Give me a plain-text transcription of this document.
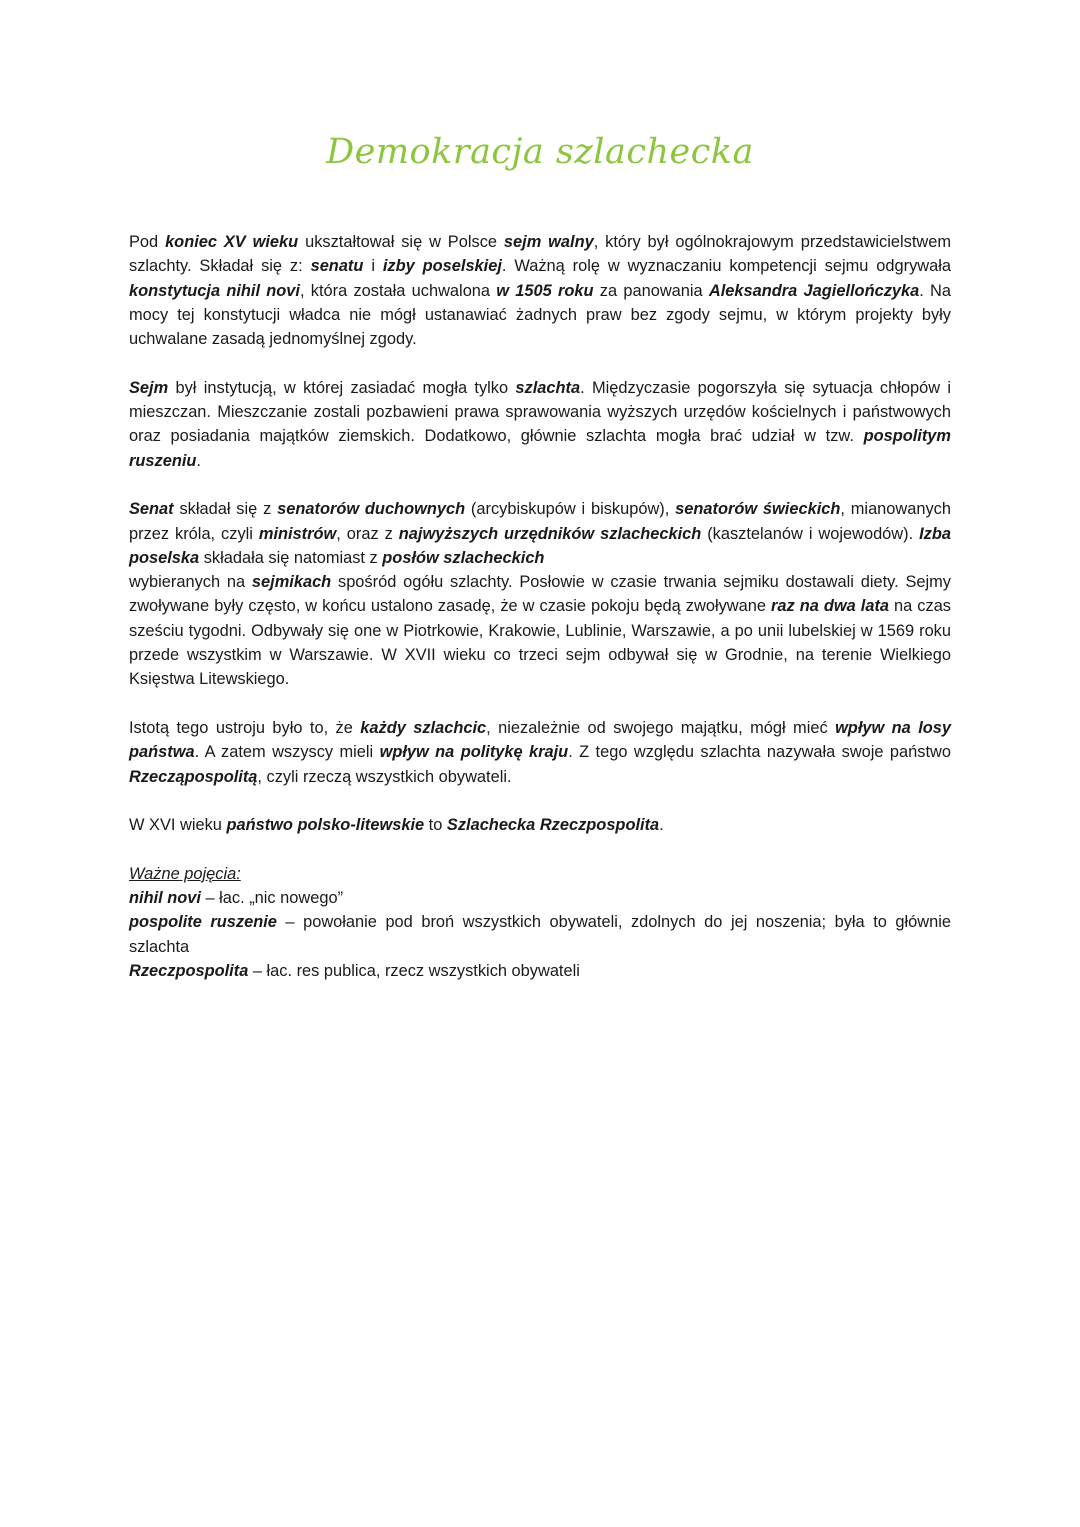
Demokracja szlachecka

Pod koniec XV wieku ukształtował się w Polsce sejm walny, który był ogólnokrajowym przedstawicielstwem szlachty. Składał się z: senatu i izby poselskiej. Ważną rolę w wyznaczaniu kompetencji sejmu odgrywała konstytucja nihil novi, która została uchwalona w 1505 roku za panowania Aleksandra Jagiellończyka. Na mocy tej konstytucji władca nie mógł ustanawiać żadnych praw bez zgody sejmu, w którym projekty były uchwalane zasadą jednomyślnej zgody.

Sejm był instytucją, w której zasiadać mogła tylko szlachta. Międzyczasie pogorszyła się sytuacja chłopów i mieszczan. Mieszczanie zostali pozbawieni prawa sprawowania wyższych urzędów kościelnych i państwowych oraz posiadania majątków ziemskich. Dodatkowo, głównie szlachta mogła brać udział w tzw. pospolitym ruszeniu.

Senat składał się z senatorów duchownych (arcybiskupów i biskupów), senatorów świeckich, mianowanych przez króla, czyli ministrów, oraz z najwyższych urzędników szlacheckich (kasztelanów i wojewodów). Izba poselska składała się natomiast z posłów szlacheckich
wybieranych na sejmikach spośród ogółu szlachty. Posłowie w czasie trwania sejmiku dostawali diety. Sejmy zwoływane były często, w końcu ustalono zasadę, że w czasie pokoju będą zwoływane raz na dwa lata na czas sześciu tygodni. Odbywały się one w Piotrkowie, Krakowie, Lublinie, Warszawie, a po unii lubelskiej w 1569 roku przede wszystkim w Warszawie. W XVII wieku co trzeci sejm odbywał się w Grodnie, na terenie Wielkiego Księstwa Litewskiego.

Istotą tego ustroju było to, że każdy szlachcic, niezależnie od swojego majątku, mógł mieć wpływ na losy państwa. A zatem wszyscy mieli wpływ na politykę kraju. Z tego względu szlachta nazywała swoje państwo Rzecząpospolitą, czyli rzeczą wszystkich obywateli.

W XVI wieku państwo polsko-litewskie to Szlachecka Rzeczpospolita.

Ważne pojęcia:
nihil novi – łac. „nic nowego”
pospolite ruszenie – powołanie pod broń wszystkich obywateli, zdolnych do jej noszenia; była to głównie szlachta
Rzeczpospolita – łac. res publica, rzecz wszystkich obywateli
